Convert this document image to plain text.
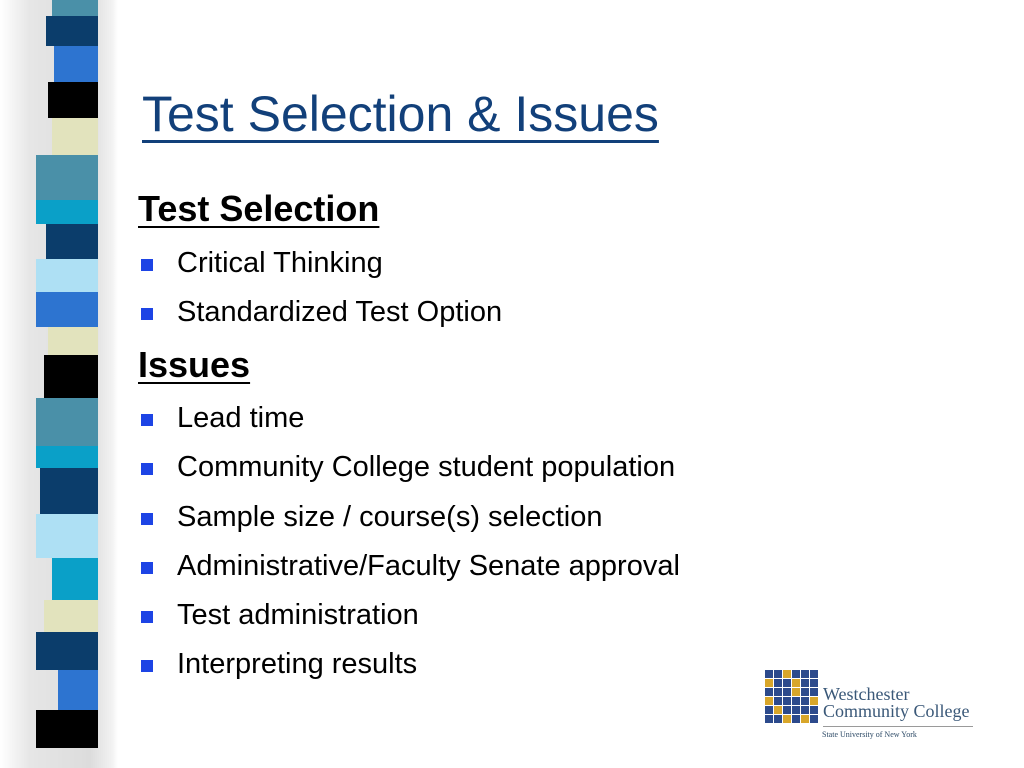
Test Selection & Issues
Test Selection
Critical Thinking
Standardized Test Option
Issues
Lead time
Community College student population
Sample size / course(s) selection
Administrative/Faculty Senate approval
Test administration
Interpreting results
Westchester
Community College
State University of New York
